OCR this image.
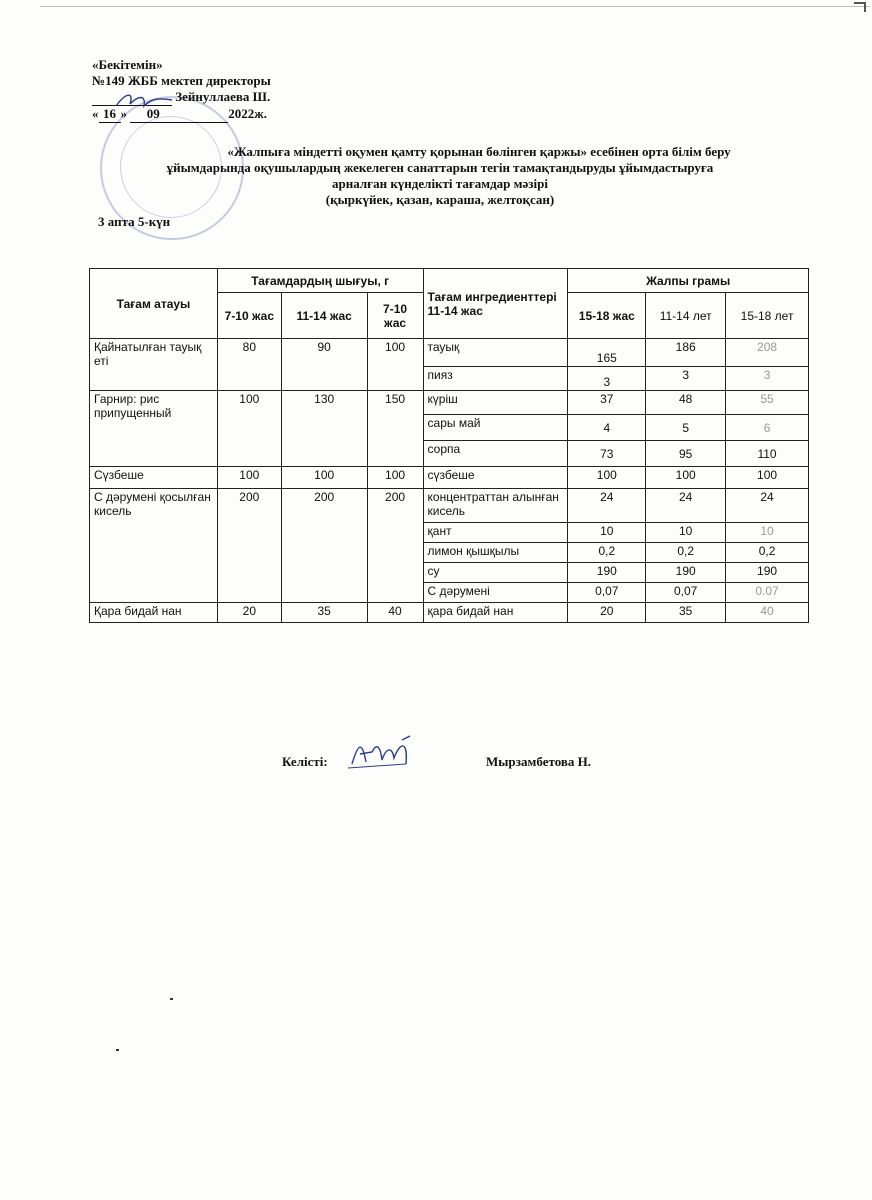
«Бекітемін»
№149 ЖББ мектеп директоры
Зейнуллаева Ш.
« 16 » 09	2022ж.
«Жалпыға міндетті оқумен қамту қорынан бөлінген қаржы» есебінен орта білім беру
ұйымдарында оқушылардың жекелеген санаттарын тегін тамақтандыруды ұйымдастыруға
арналған күнделікті тағамдар мәзірі
(қыркүйек, қазан, караша, желтоқсан)
3 апта 5-күн
Тағам атауы	Тағамдардың шығуы, г			Тағам ингредиенттері 11-14 жас	Жалпы грамы		
	7-10 жас	11-14 жас	7-10 жас		15-18 жас	11-14 лет	15-18 лет
Қайнатылған тауық еті	80	90	100	тауық	165	186	208
				пияз	3	3	3
Гарнир: рис припущенный	100	130	150	күріш	37	48	55
				сары май	4	5	6
				сорпа	73	95	110
Сүзбеше	100	100	100	сүзбеше	100	100	100
С дәрумені қосылған кисель	200	200	200	концентраттан алынған кисель	24	24	24
				қант	10	10	10
				лимон қышқылы	0,2	0,2	0,2
				су	190	190	190
				С дәрумені	0,07	0,07	0.07
Қара бидай нан	20	35	40	қара бидай нан	20	35	40
Келісті:	Мырзамбетова Н.
